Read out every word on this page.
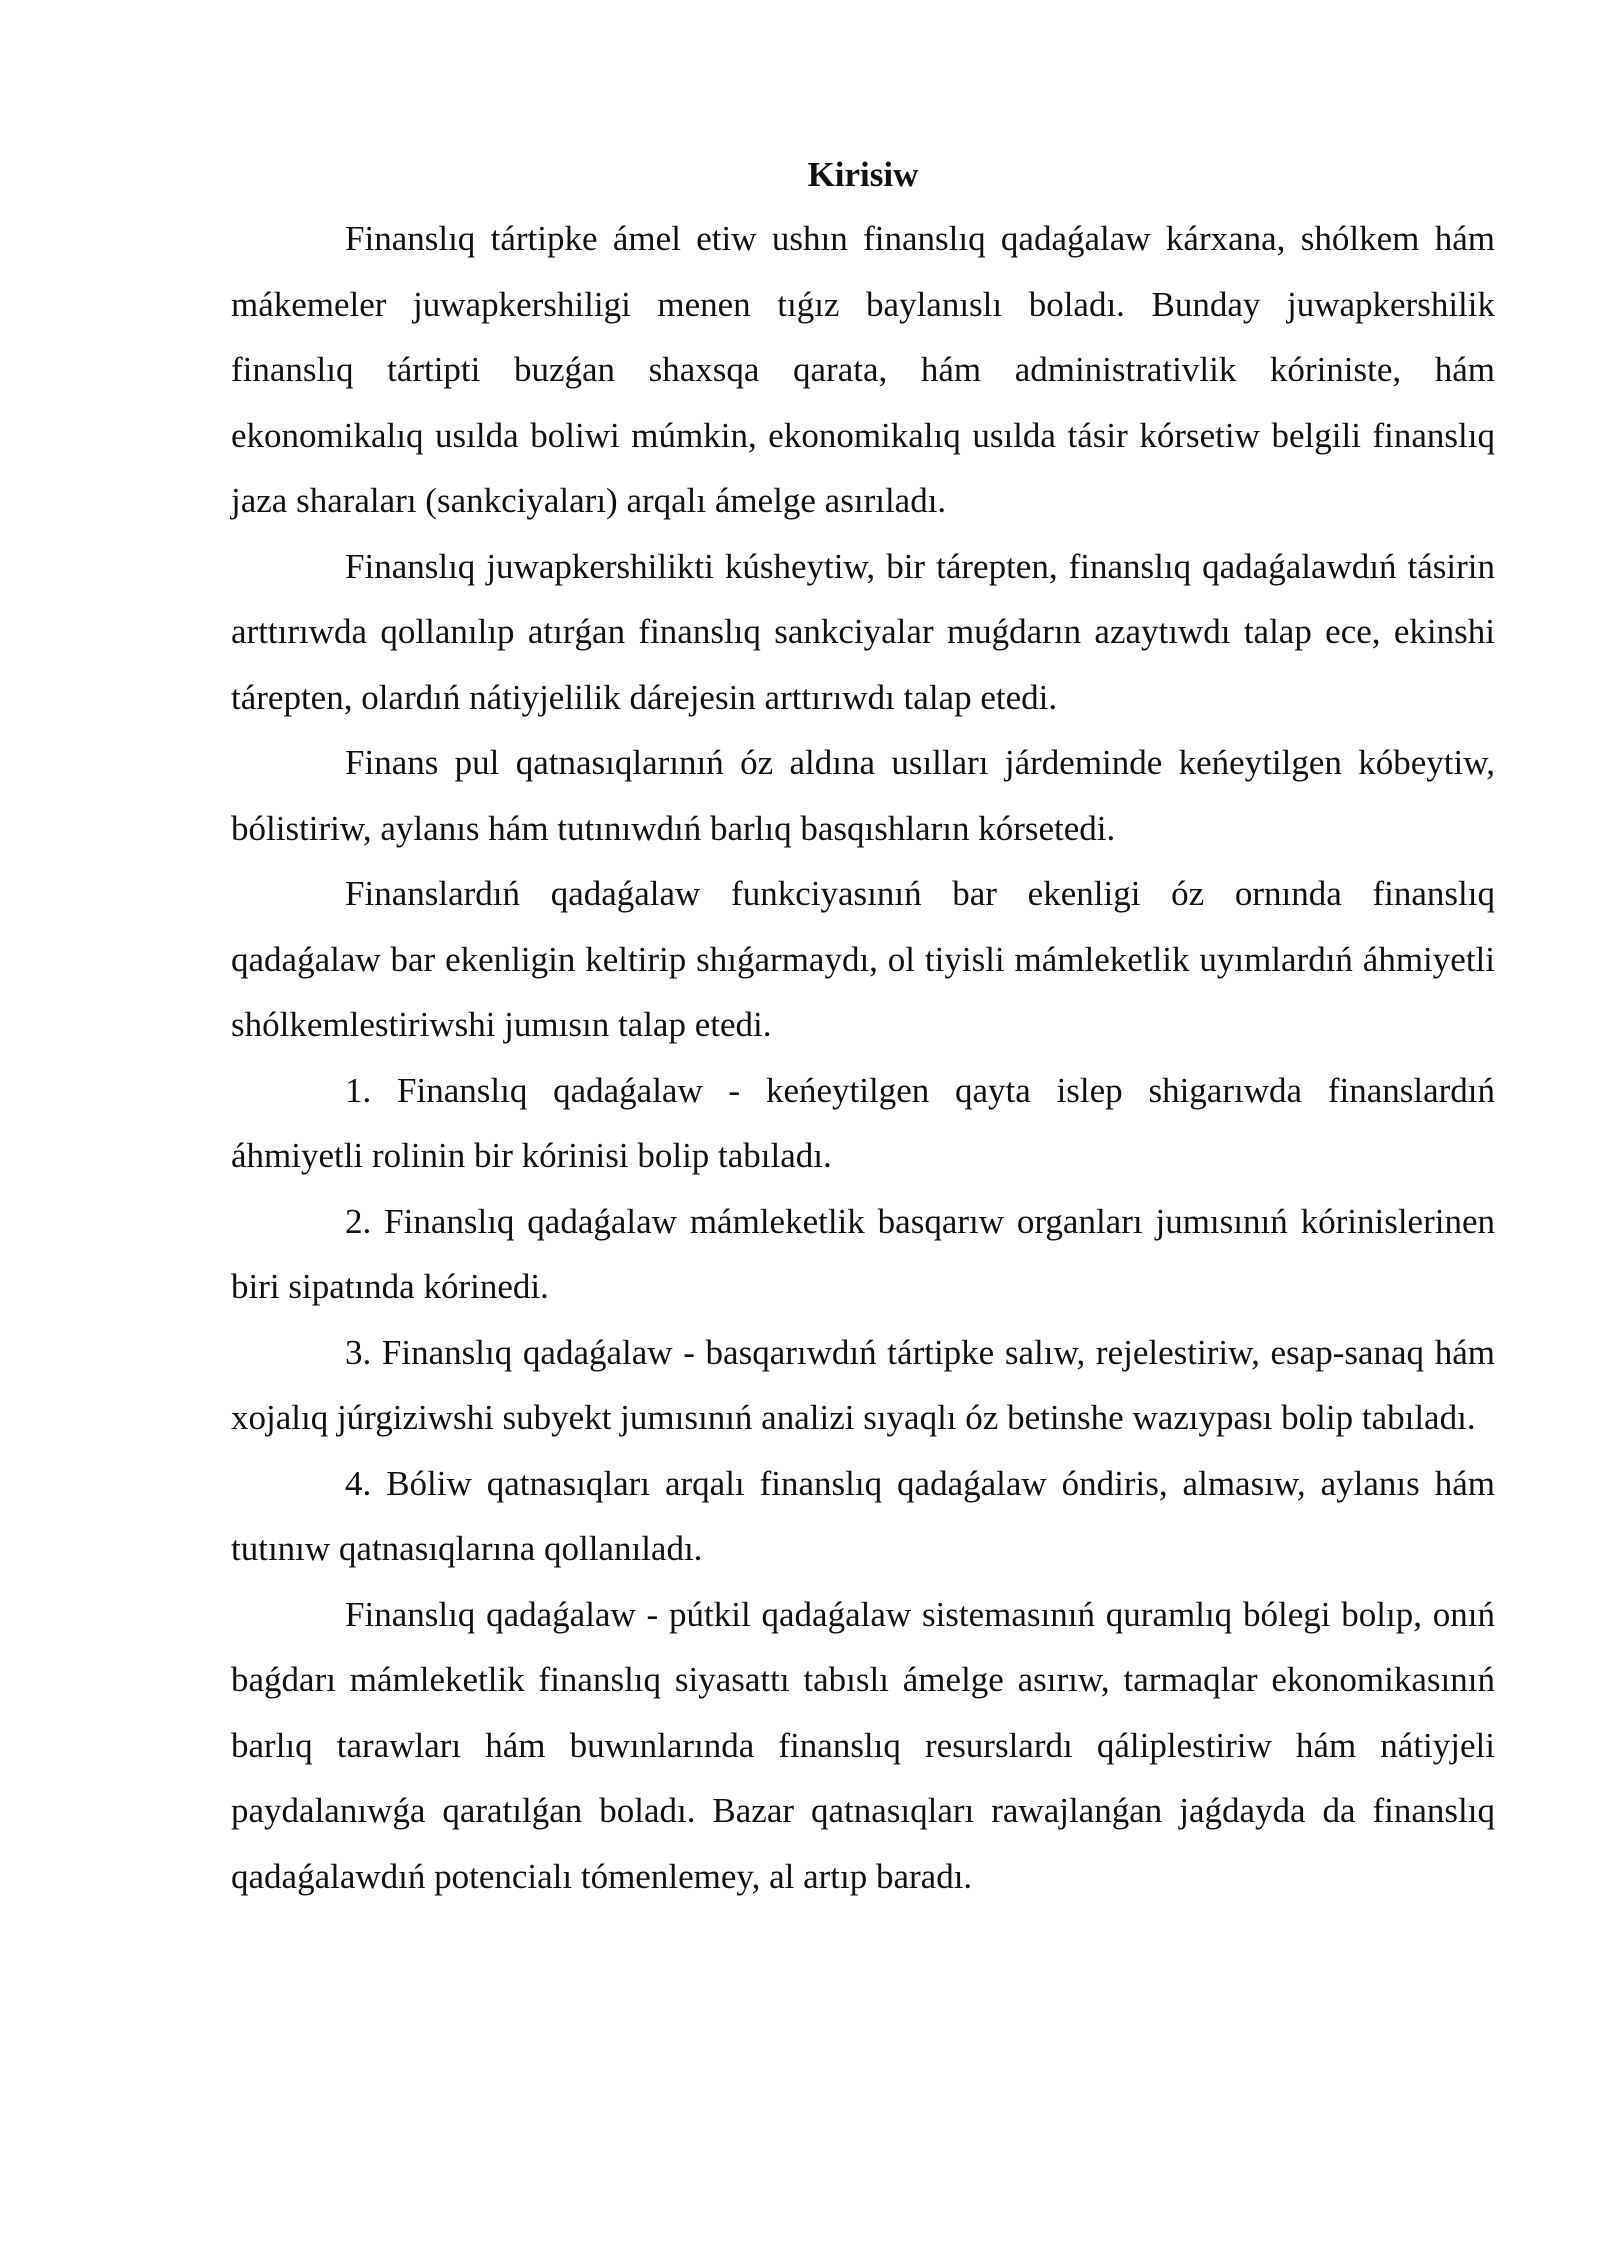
Kirisiw

Finanslıq tártipke ámel etiw ushın finanslıq qadaǵalaw kárxana, shólkem hám mákemeler juwapkershiligi menen tıǵız baylanıslı boladı. Bunday juwapkershilik finanslıq tártipti buzǵan shaxsqa qarata, hám administrativlik kóriniste, hám ekonomikalıq usılda boliwi múmkin, ekonomikalıq usılda tásir kórsetiw belgili finanslıq jaza sharaları (sankciyaları) arqalı ámelge asırıladı.

Finanslıq juwapkershilikti kúsheytiw, bir tárepten, finanslıq qadaǵalawdıń tásirin arttırıwda qollanılıp atırǵan finanslıq sankciyalar muǵdarın azaytıwdı talap ece, ekinshi tárepten, olardıń nátiyjelilik dárejesin arttırıwdı talap etedi.

Finans pul qatnasıqlarınıń óz aldına usılları járdeminde keńeytilgen kóbeytiw, bólistiriw, aylanıs hám tutınıwdıń barlıq basqıshların kórsetedi.

Finanslardıń qadaǵalaw funkciyasınıń bar ekenligi óz ornında finanslıq qadaǵalaw bar ekenligin keltirip shıǵarmaydı, ol tiyisli mámleketlik uyımlardıń áhmiyetli shólkemlestiriwshi jumısın talap etedi.

1. Finanslıq qadaǵalaw - keńeytilgen qayta islep shigarıwda finanslardıń áhmiyetli rolinin bir kórinisi bolip tabıladı.

2. Finanslıq qadaǵalaw mámleketlik basqarıw organları jumısınıń kórinislerinen biri sipatında kórinedi.

3. Finanslıq qadaǵalaw - basqarıwdıń tártipke salıw, rejelestiriw, esap-sanaq hám xojalıq júrgiziwshi subyekt jumısınıń analizi sıyaqlı óz betinshe wazıypası bolip tabıladı.

4. Bóliw qatnasıqları arqalı finanslıq qadaǵalaw óndiris, almasıw, aylanıs hám tutınıw qatnasıqlarına qollanıladı.

Finanslıq qadaǵalaw - pútkil qadaǵalaw sistemasınıń quramlıq bólegi bolıp, onıń baǵdarı mámleketlik finanslıq siyasattı tabıslı ámelge asırıw, tarmaqlar ekonomikasınıń barlıq tarawları hám buwınlarında finanslıq resurslardı qáliplestiriw hám nátiyjeli paydalanıwǵa qaratılǵan boladı. Bazar qatnasıqları rawajlanǵan jaǵdayda da finanslıq qadaǵalawdıń potencialı tómenlemey, al artıp baradı.
